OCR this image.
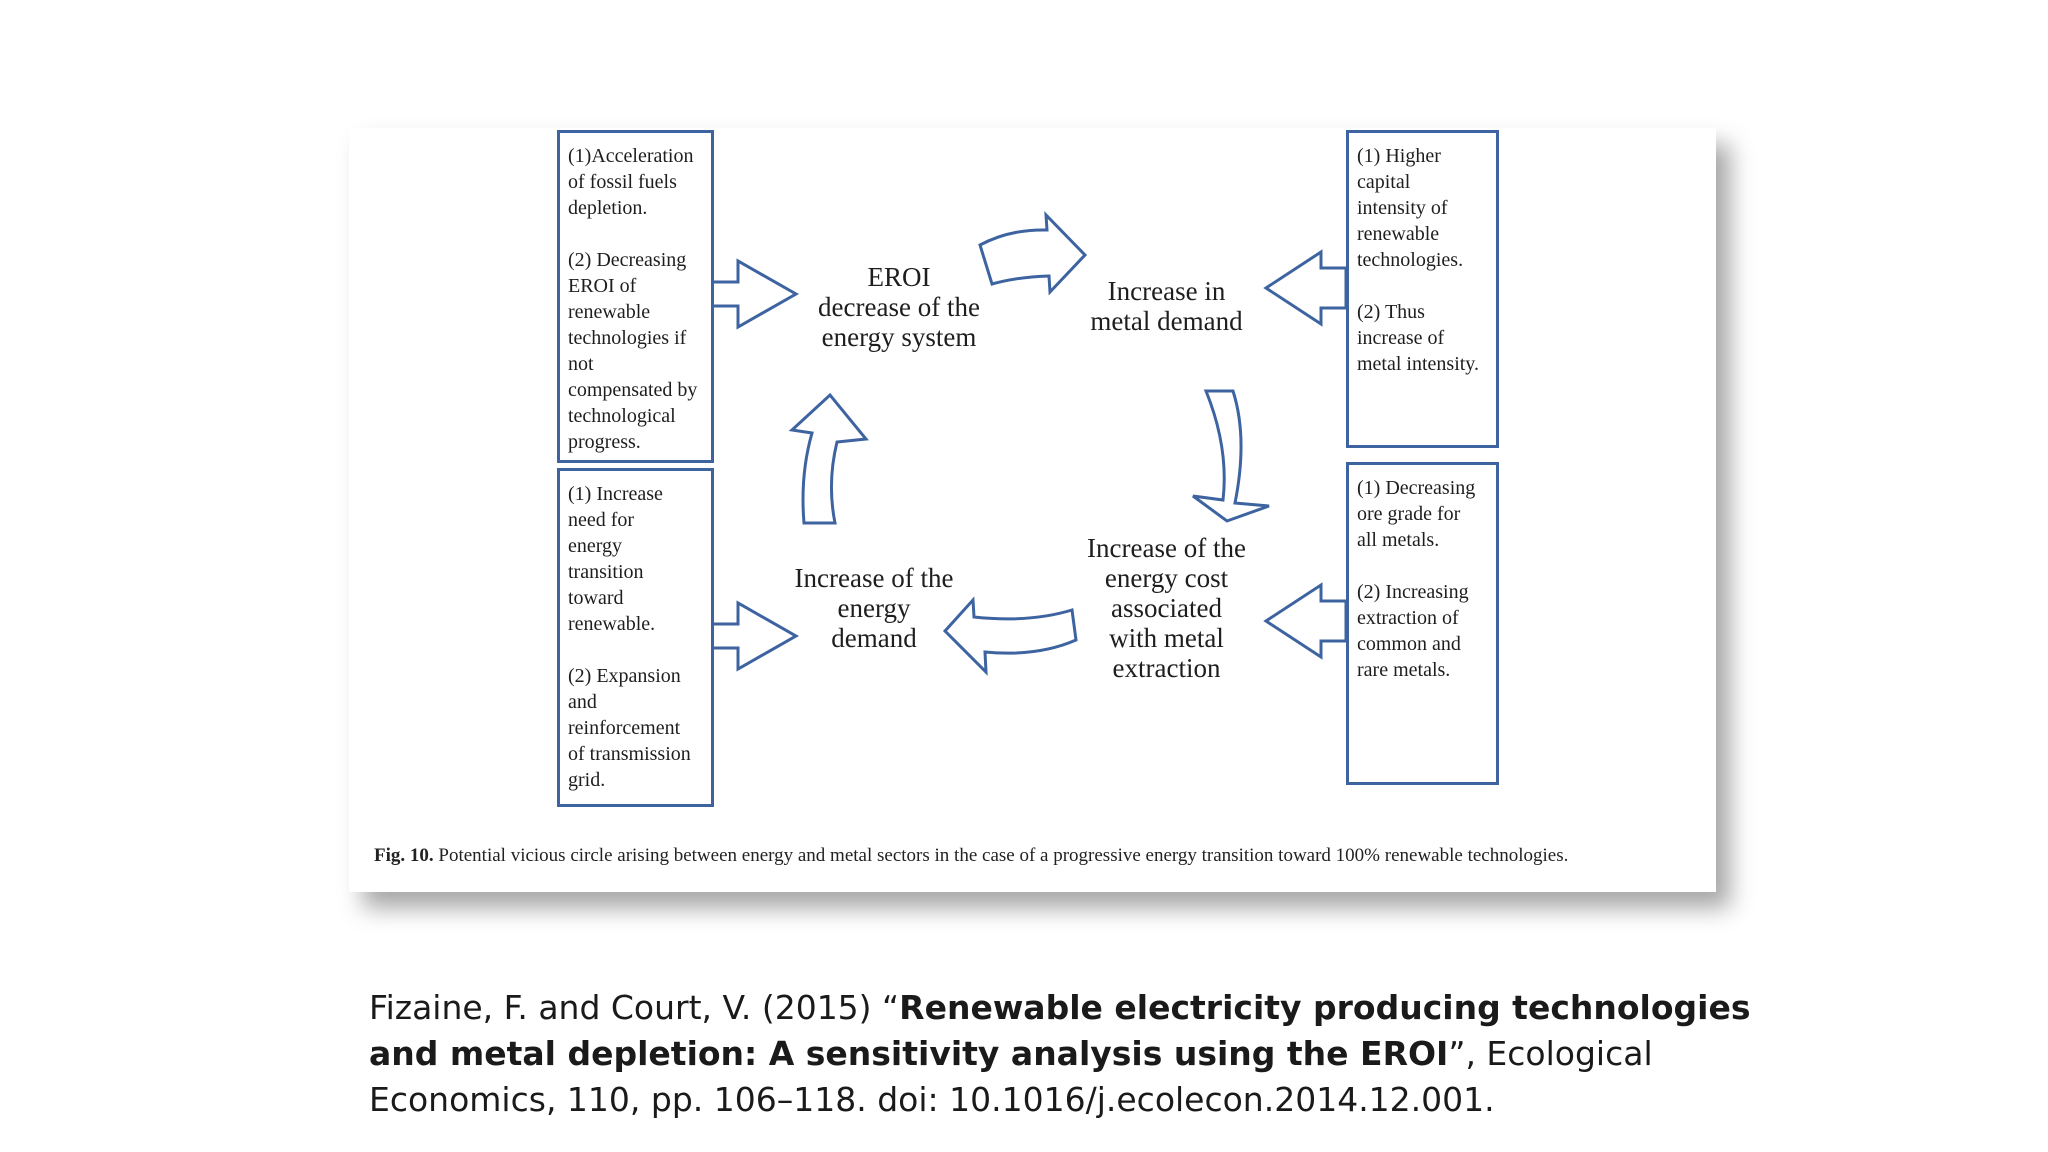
(1)Acceleration
of fossil fuels
depletion.
(2) Decreasing
EROI of
renewable
technologies if
not
compensated by
technological
progress.
(1) Increase
need for
energy
transition
toward
renewable.
(2) Expansion
and
reinforcement
of transmission
grid.
(1) Higher
capital
intensity of
renewable
technologies.
(2) Thus
increase of
metal intensity.
(1) Decreasing
ore grade for
all metals.
(2) Increasing
extraction of
common and
rare metals.
EROI
decrease of the
energy system
Increase in
metal demand
Increase of the
energy cost
associated
with metal
extraction
Increase of the
energy
demand
Fig. 10. Potential vicious circle arising between energy and metal sectors in the case of a progressive energy transition toward 100% renewable technologies.
Fizaine, F. and Court, V. (2015) “Renewable electricity producing technologies and metal depletion: A sensitivity analysis using the EROI”, Ecological Economics, 110, pp. 106–118. doi: 10.1016/j.ecolecon.2014.12.001.
